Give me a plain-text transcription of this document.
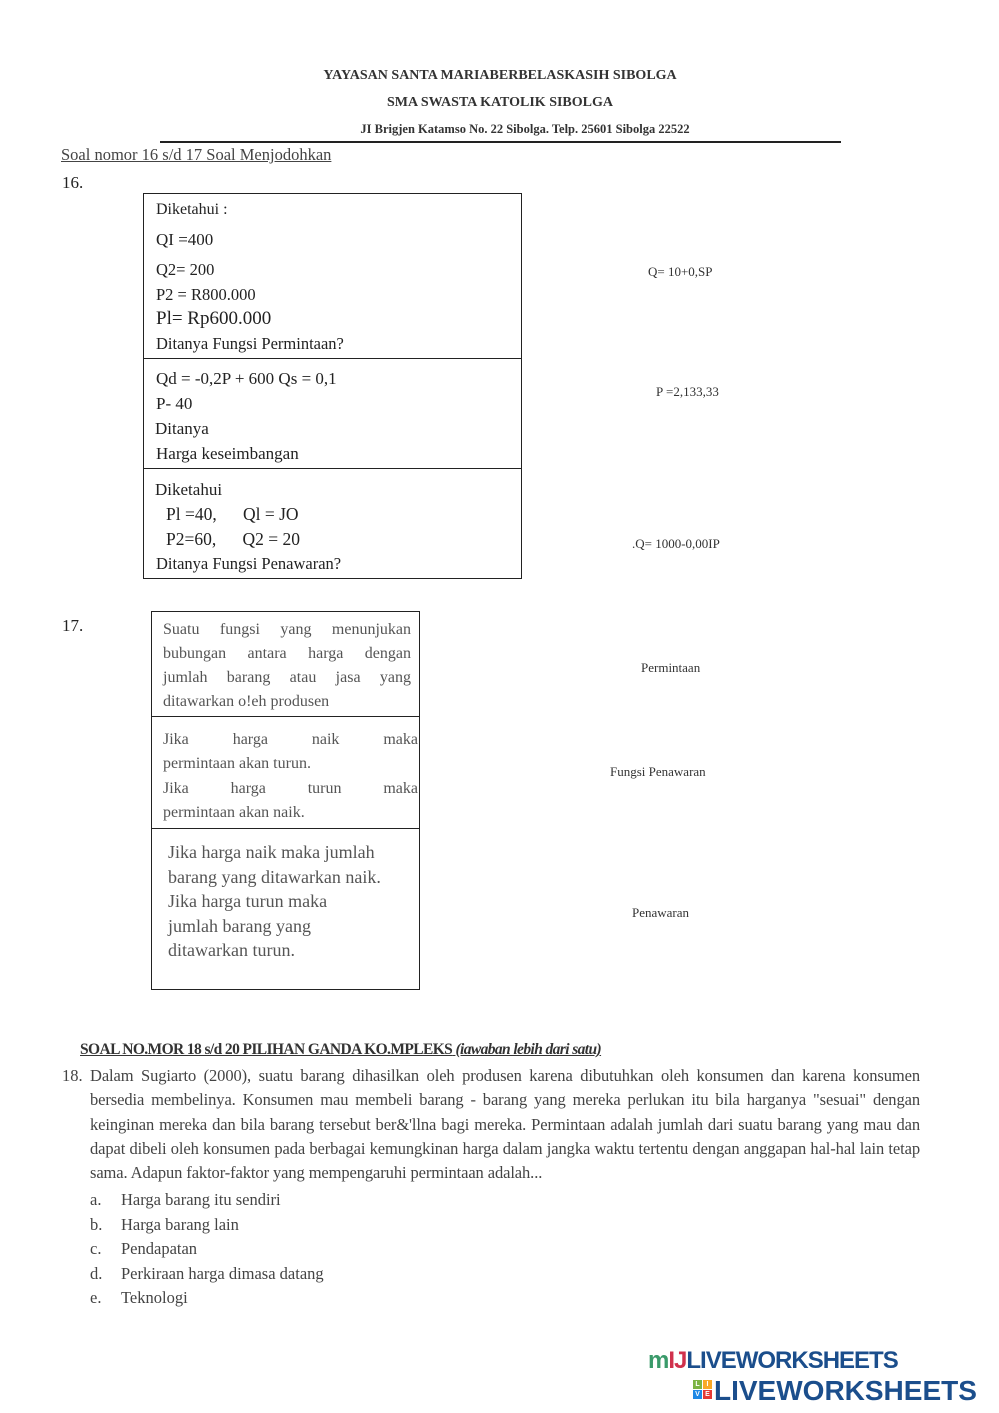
YAYASAN SANTA MARIABERBELASKASIH SIBOLGA
SMA SWASTA KATOLIK SIBOLGA
JI Brigjen Katamso No. 22 Sibolga. Telp. 25601 Sibolga 22522
Soal nomor 16 s/d 17 Soal Menjodohkan
16.
Diketahui :
QI =400
Q2= 200
P2 = R800.000
Pl= Rp600.000
Ditanya Fungsi Permintaan?
Qd = -0,2P + 600 Qs = 0,1
P- 40
Ditanya
Harga keseimbangan
Diketahui
Pl =40,      Ql = JO
P2=60,      Q2 = 20
Ditanya Fungsi Penawaran?
Q= 10+0,SP
P =2,133,33
.Q= 1000-0,00IP
17.	Suatu fungsi yang menunjukan
bubungan antara harga dengan
jumlah barang atau jasa yang
ditawarkan o!eh produsen
Jika harga naik maka
permintaan akan turun.
Jika harga turun maka
permintaan akan naik.
Jika harga naik maka jumlah
barang yang ditawarkan naik.
Jika harga turun maka
jumlah barang yang
ditawarkan turun.
Permintaan
Fungsi Penawaran
Penawaran
SOAL NO.MOR 18 s/d 20 PILIHAN GANDA KO.MPLEKS (iawaban lebih dari satu)
18. Dalam Sugiarto (2000), suatu barang dihasilkan oleh produsen karena dibutuhkan oleh konsumen dan karena konsumen bersedia membelinya. Konsumen mau membeli barang - barang yang mereka perlukan itu bila harganya "sesuai" dengan keinginan mereka dan bila barang tersebut ber&'llna bagi mereka. Permintaan adalah jumlah dari suatu barang yang mau dan dapat dibeli oleh konsumen pada berbagai kemungkinan harga dalam jangka waktu tertentu dengan anggapan hal-hal lain tetap sama. Adapun faktor-faktor yang mempengaruhi permintaan adalah...

a. Harga barang itu sendiri
b. Harga barang lain
c. Pendapatan
d. Perkiraan harga dimasa datang
e. Teknologi
mIJLIVEWORKSHEETS
L I
V E LIVEWORKSHEETS
